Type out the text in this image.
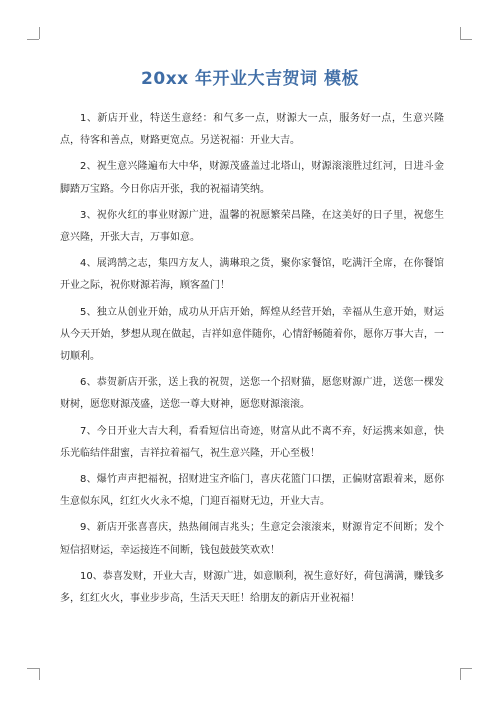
20xx 年开业大吉贺词 模板

1、新店开业，特送生意经：和气多一点，财源大一点，服务好一点，生意兴隆点，待客和善点，财路更宽点。另送祝福：开业大吉。

2、祝生意兴隆遍布大中华，财源茂盛盖过北塔山，财源滚滚胜过红河，日进斗金脚踏万宝路。今日你店开张，我的祝福请笑纳。

3、祝你火红的事业财源广进，温馨的祝愿繁荣昌隆，在这美好的日子里，祝您生意兴隆，开张大吉，万事如意。

4、展鸿鹄之志，集四方友人，满琳琅之货，聚你家餐馆，吃满汗全席，在你餐馆开业之际，祝你财源若海，顾客盈门！

5、独立从创业开始，成功从开店开始，辉煌从经营开始，幸福从生意开始，财运从今天开始，梦想从现在做起，吉祥如意伴随你，心情舒畅随着你，愿你万事大吉，一切顺利。

6、恭贺新店开张，送上我的祝贺，送您一个招财猫，愿您财源广进，送您一棵发财树，愿您财源茂盛，送您一尊大财神，愿您财源滚滚。

7、今日开业大吉大利，看看短信出奇迹，财富从此不离不弃，好运携来如意，快乐光临结伴甜蜜，吉祥拉着福气，祝生意兴隆，开心至极！

8、爆竹声声把福祝，招财进宝齐临门，喜庆花篮门口摆，正偏财富跟着来，愿你生意似东风，红红火火永不熄，门迎百福财无边，开业大吉。

9、新店开张喜喜庆，热热闹闹吉兆头；生意定会滚滚来，财源肯定不间断；发个短信招财运，幸运接连不间断，钱包鼓鼓笑欢欢！

10、恭喜发财，开业大吉，财源广进，如意顺利，祝生意好好，荷包满满，赚钱多多，红红火火，事业步步高，生活天天旺！给朋友的新店开业祝福！
